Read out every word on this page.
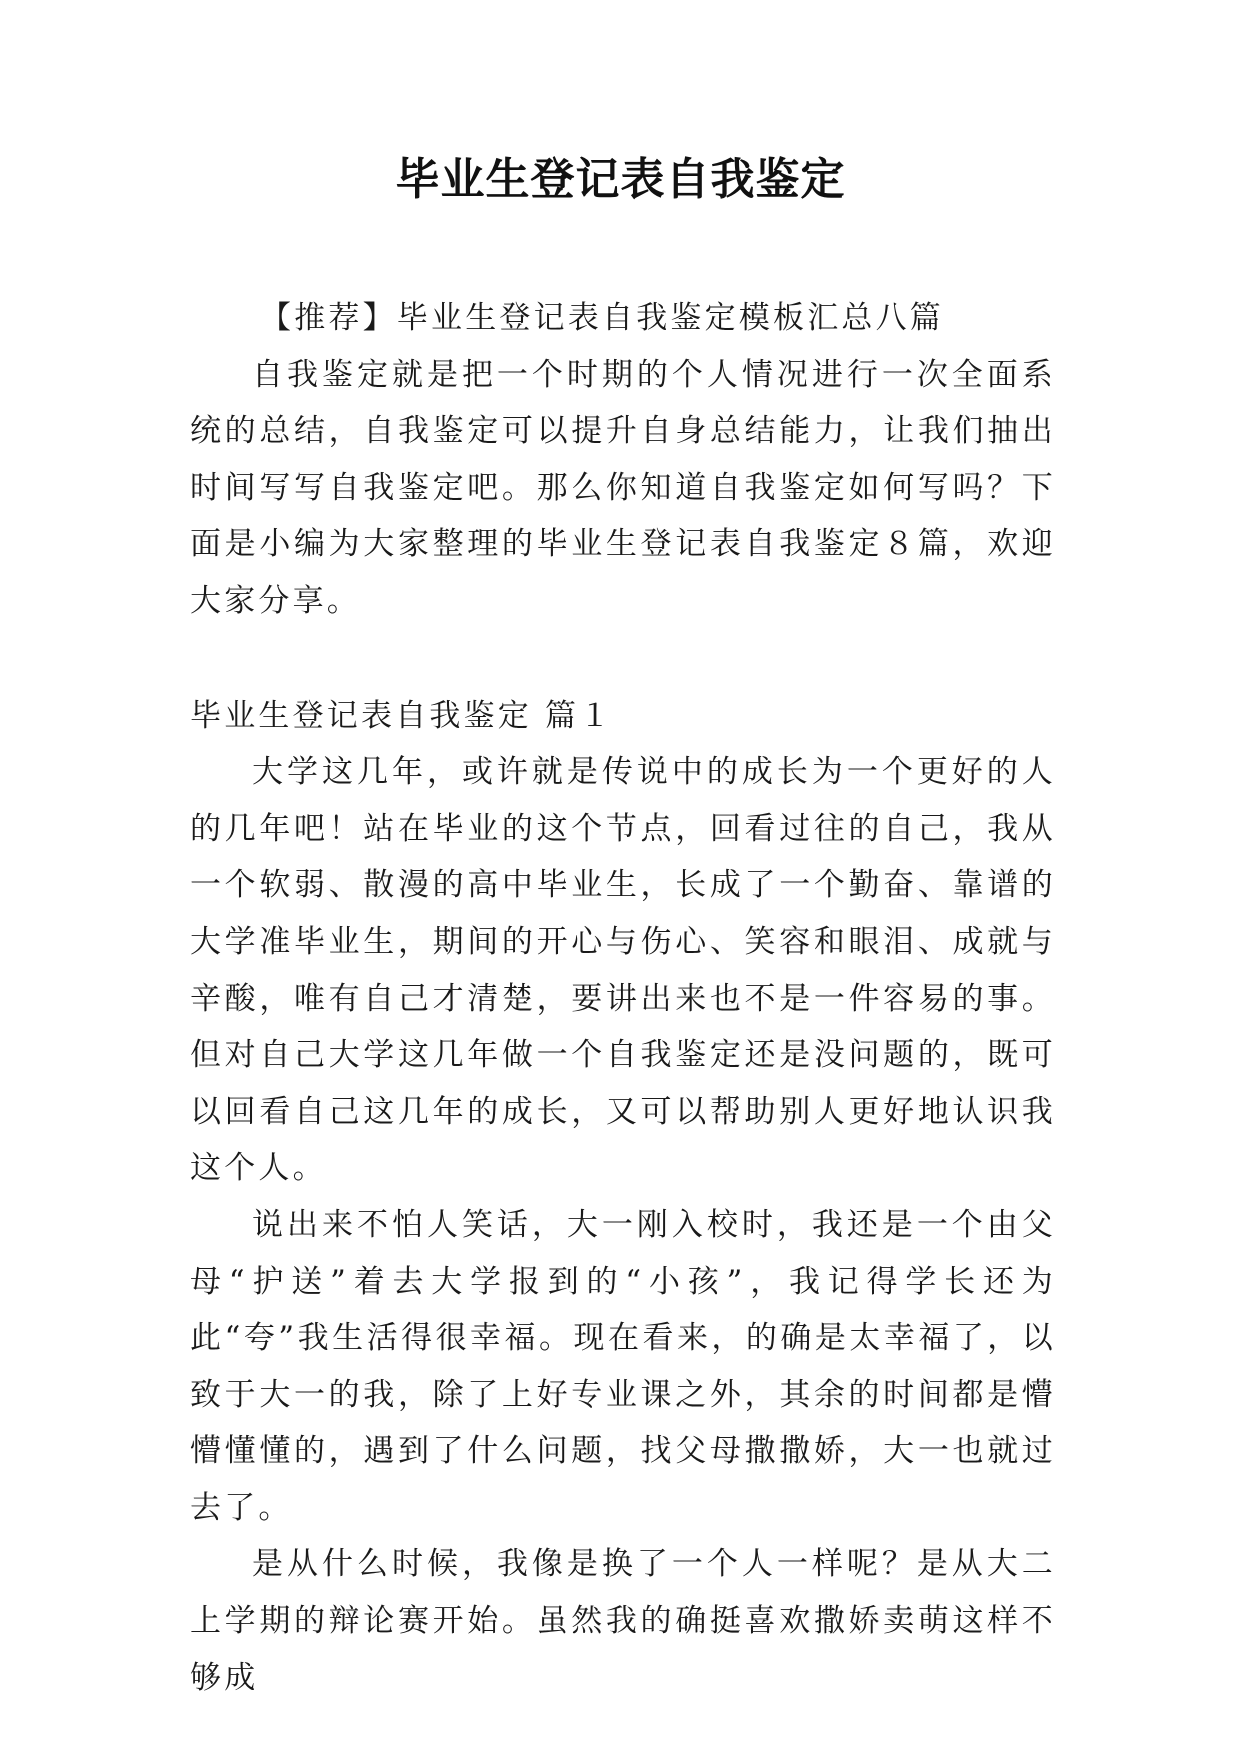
毕业生登记表自我鉴定

【推荐】毕业生登记表自我鉴定模板汇总八篇

自我鉴定就是把一个时期的个人情况进行一次全面系统的总结，自我鉴定可以提升自身总结能力，让我们抽出时间写写自我鉴定吧。那么你知道自我鉴定如何写吗？下面是小编为大家整理的毕业生登记表自我鉴定８篇，欢迎大家分享。

毕业生登记表自我鉴定 篇１

大学这几年，或许就是传说中的成长为一个更好的人的几年吧！站在毕业的这个节点，回看过往的自己，我从一个软弱、散漫的高中毕业生，长成了一个勤奋、靠谱的大学准毕业生，期间的开心与伤心、笑容和眼泪、成就与辛酸，唯有自己才清楚，要讲出来也不是一件容易的事。但对自己大学这几年做一个自我鉴定还是没问题的，既可以回看自己这几年的成长，又可以帮助别人更好地认识我这个人。

说出来不怕人笑话，大一刚入校时，我还是一个由父母“护送”着去大学报到的“小孩”，我记得学长还为此“夸”我生活得很幸福。现在看来，的确是太幸福了，以致于大一的我，除了上好专业课之外，其余的时间都是懵懵懂懂的，遇到了什么问题，找父母撒撒娇，大一也就过去了。

是从什么时候，我像是换了一个人一样呢？是从大二上学期的辩论赛开始。虽然我的确挺喜欢撒娇卖萌这样不够成
